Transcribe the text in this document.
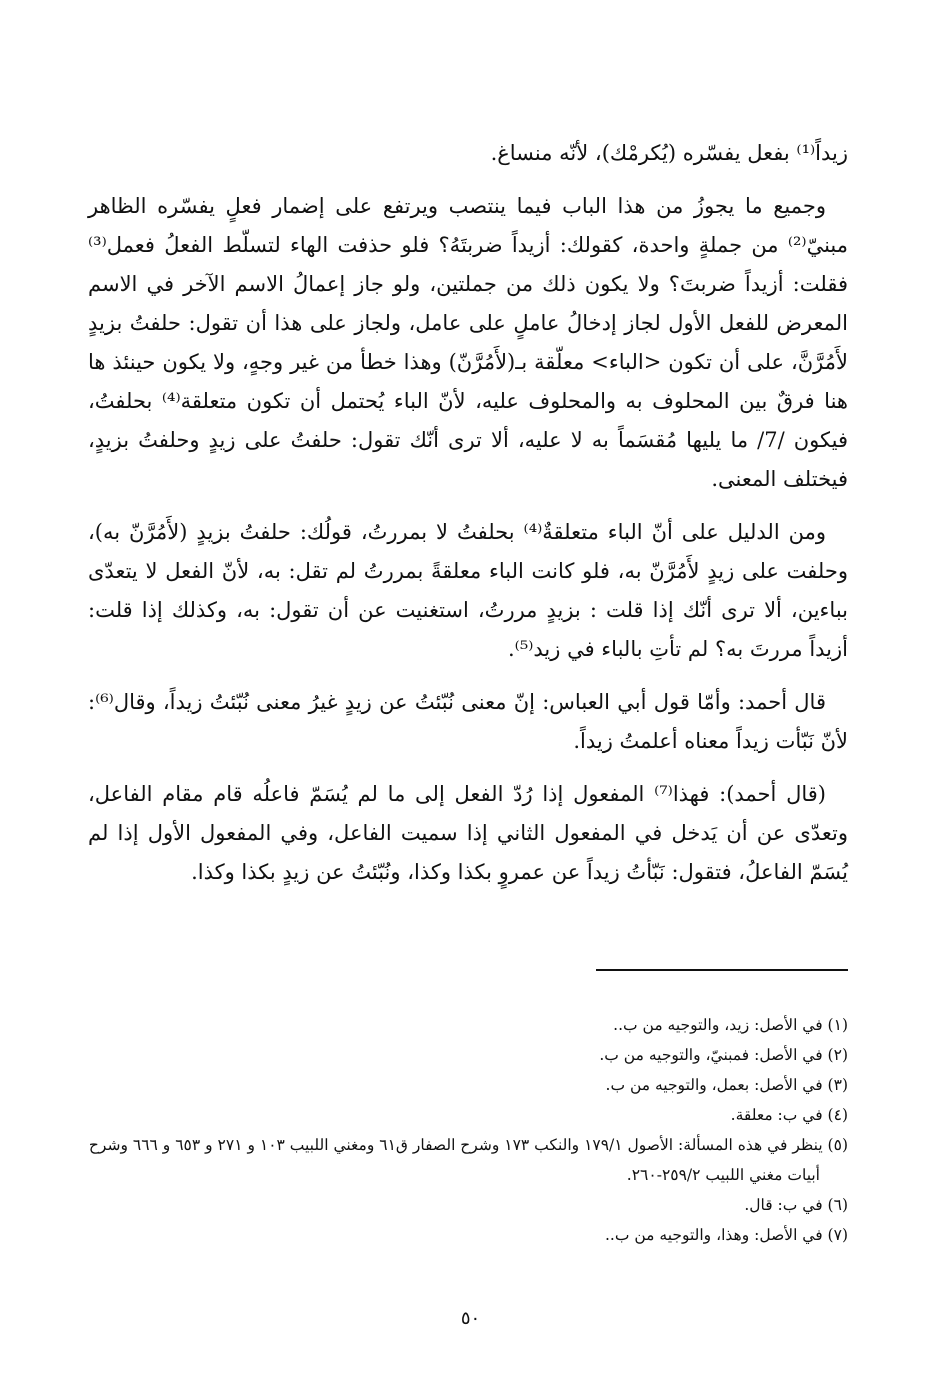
زيداً⁽¹⁾ بفعل يفسّره (يُكرمْك)، لأنّه منساغ.

وجميع ما يجوزُ من هذا الباب فيما ينتصب ويرتفع على إضمار فعلٍ يفسّره الظاهر مبنيّ⁽²⁾ من جملةٍ واحدة، كقولك: أزيداً ضربتَهُ؟ فلو حذفت الهاء لتسلّط الفعلُ فعمل⁽³⁾ فقلت: أزيداً ضربتَ؟ ولا يكون ذلك من جملتين، ولو جاز إعمالُ الاسم الآخر في الاسم المعرض للفعل الأول لجاز إدخالُ عاملٍ على عامل، ولجاز على هذا أن تقول: حلفتُ بزيدٍ لأَمُرَّنَّ، على أن تكون <الباء> معلّقة بـ(لأَمُرَّنّ) وهذا خطأ من غير وجهٍ، ولا يكون حينئذ ها هنا فرقٌ بين المحلوف به والمحلوف عليه، لأنّ الباء يُحتمل أن تكون متعلقة⁽⁴⁾ بحلفتُ، فيكون /7/ ما يليها مُقسَماً به لا عليه، ألا ترى أنّك تقول: حلفتُ على زيدٍ وحلفتُ بزيدٍ، فيختلف المعنى.

ومن الدليل على أنّ الباء متعلقةٌ⁽⁴⁾ بحلفتُ لا بمررتُ، قولُك: حلفتُ بزيدٍ (لأَمُرَّنّ به)، وحلفت على زيدٍ لأَمُرَّنّ به، فلو كانت الباء معلقةً بمررتُ لم تقل: به، لأنّ الفعل لا يتعدّى بباءين، ألا ترى أنّك إذا قلت : بزيدٍ مررتُ، استغنيت عن أن تقول: به، وكذلك إذا قلت: أزيداً مررتَ به؟ لم تأتِ بالباء في زيد⁽⁵⁾.

قال أحمد: وأمّا قول أبي العباس: إنّ معنى نُبّئتُ عن زيدٍ غيرُ معنى نُبّئتُ زيداً، وقال⁽⁶⁾: لأنّ نَبّأت زيداً معناه أعلمتُ زيداً.

(قال أحمد): فهذا⁽⁷⁾ المفعول إذا رُدّ الفعل إلى ما لم يُسَمّ فاعلُه قام مقام الفاعل، وتعدّى عن أن يَدخل في المفعول الثاني إذا سميت الفاعل، وفي المفعول الأول إذا لم يُسَمّ الفاعلُ، فتقول: نَبّأتُ زيداً عن عمروٍ بكذا وكذا، ونُبّئتُ عن زيدٍ بكذا وكذا.

(١) في الأصل: زيد، والتوجيه من ب..

(٢) في الأصل: فمبنيّ، والتوجيه من ب.

(٣) في الأصل: بعمل، والتوجيه من ب.

(٤) في ب: معلقة.

(٥) ينظر في هذه المسألة: الأصول ١٧٩/١ والنكب ١٧٣ وشرح الصفار ق٦١ ومغني اللبيب ١٠٣ و ٢٧١ و ٦٥٣ و ٦٦٦ وشرح أبيات مغني اللبيب ٢٥٩/٢-٢٦٠.

(٦) في ب: قال.

(٧) في الأصل: وهذا، والتوجيه من ب..

٥٠
